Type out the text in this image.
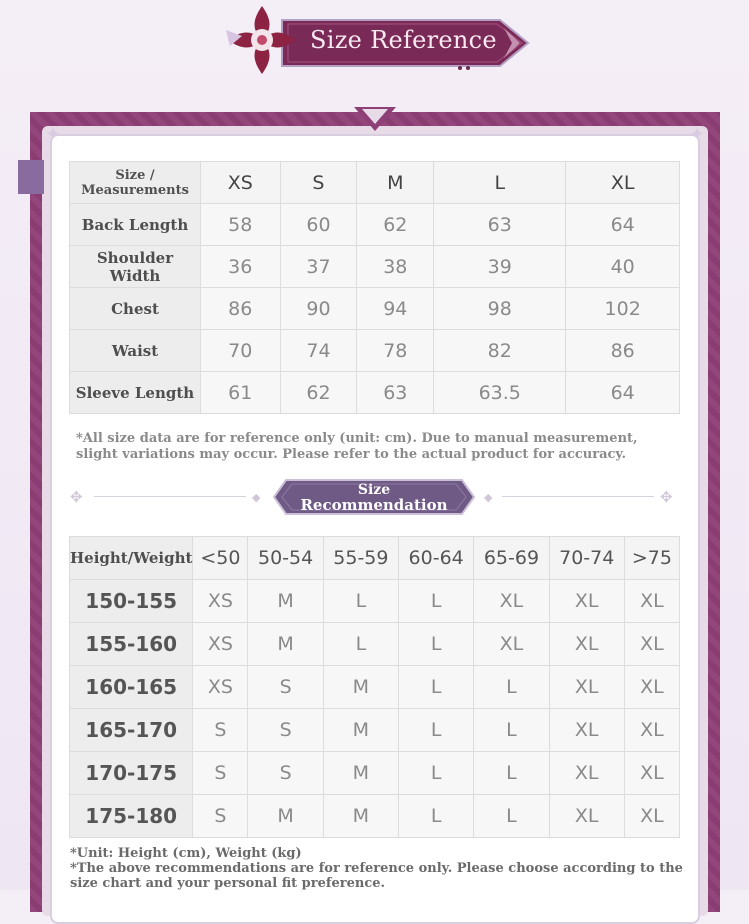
Size Reference
✦	✦
Size / Measurements	XS	S	M	L	XL
Back Length	58	60	62	63	64
Shoulder Width	36	37	38	39	40
Chest	86	90	94	98	102
Waist	70	74	78	82	86
Sleeve Length	61	62	63	63.5	64
*All size data are for reference only (unit: cm). Due to manual measurement, slight variations may occur. Please refer to the actual product for accuracy.
✥	◆	Size
Recommendation	◆	✥
Height/Weight	<50	50-54	55-59	60-64	65-69	70-74	>75
150-155	XS	M	L	L	XL	XL	XL
155-160	XS	M	L	L	XL	XL	XL
160-165	XS	S	M	L	L	XL	XL
165-170	S	S	M	L	L	XL	XL
170-175	S	S	M	L	L	XL	XL
175-180	S	M	M	L	L	XL	XL
*Unit: Height (cm), Weight (kg)
*The above recommendations are for reference only. Please choose according to the size chart and your personal fit preference.
